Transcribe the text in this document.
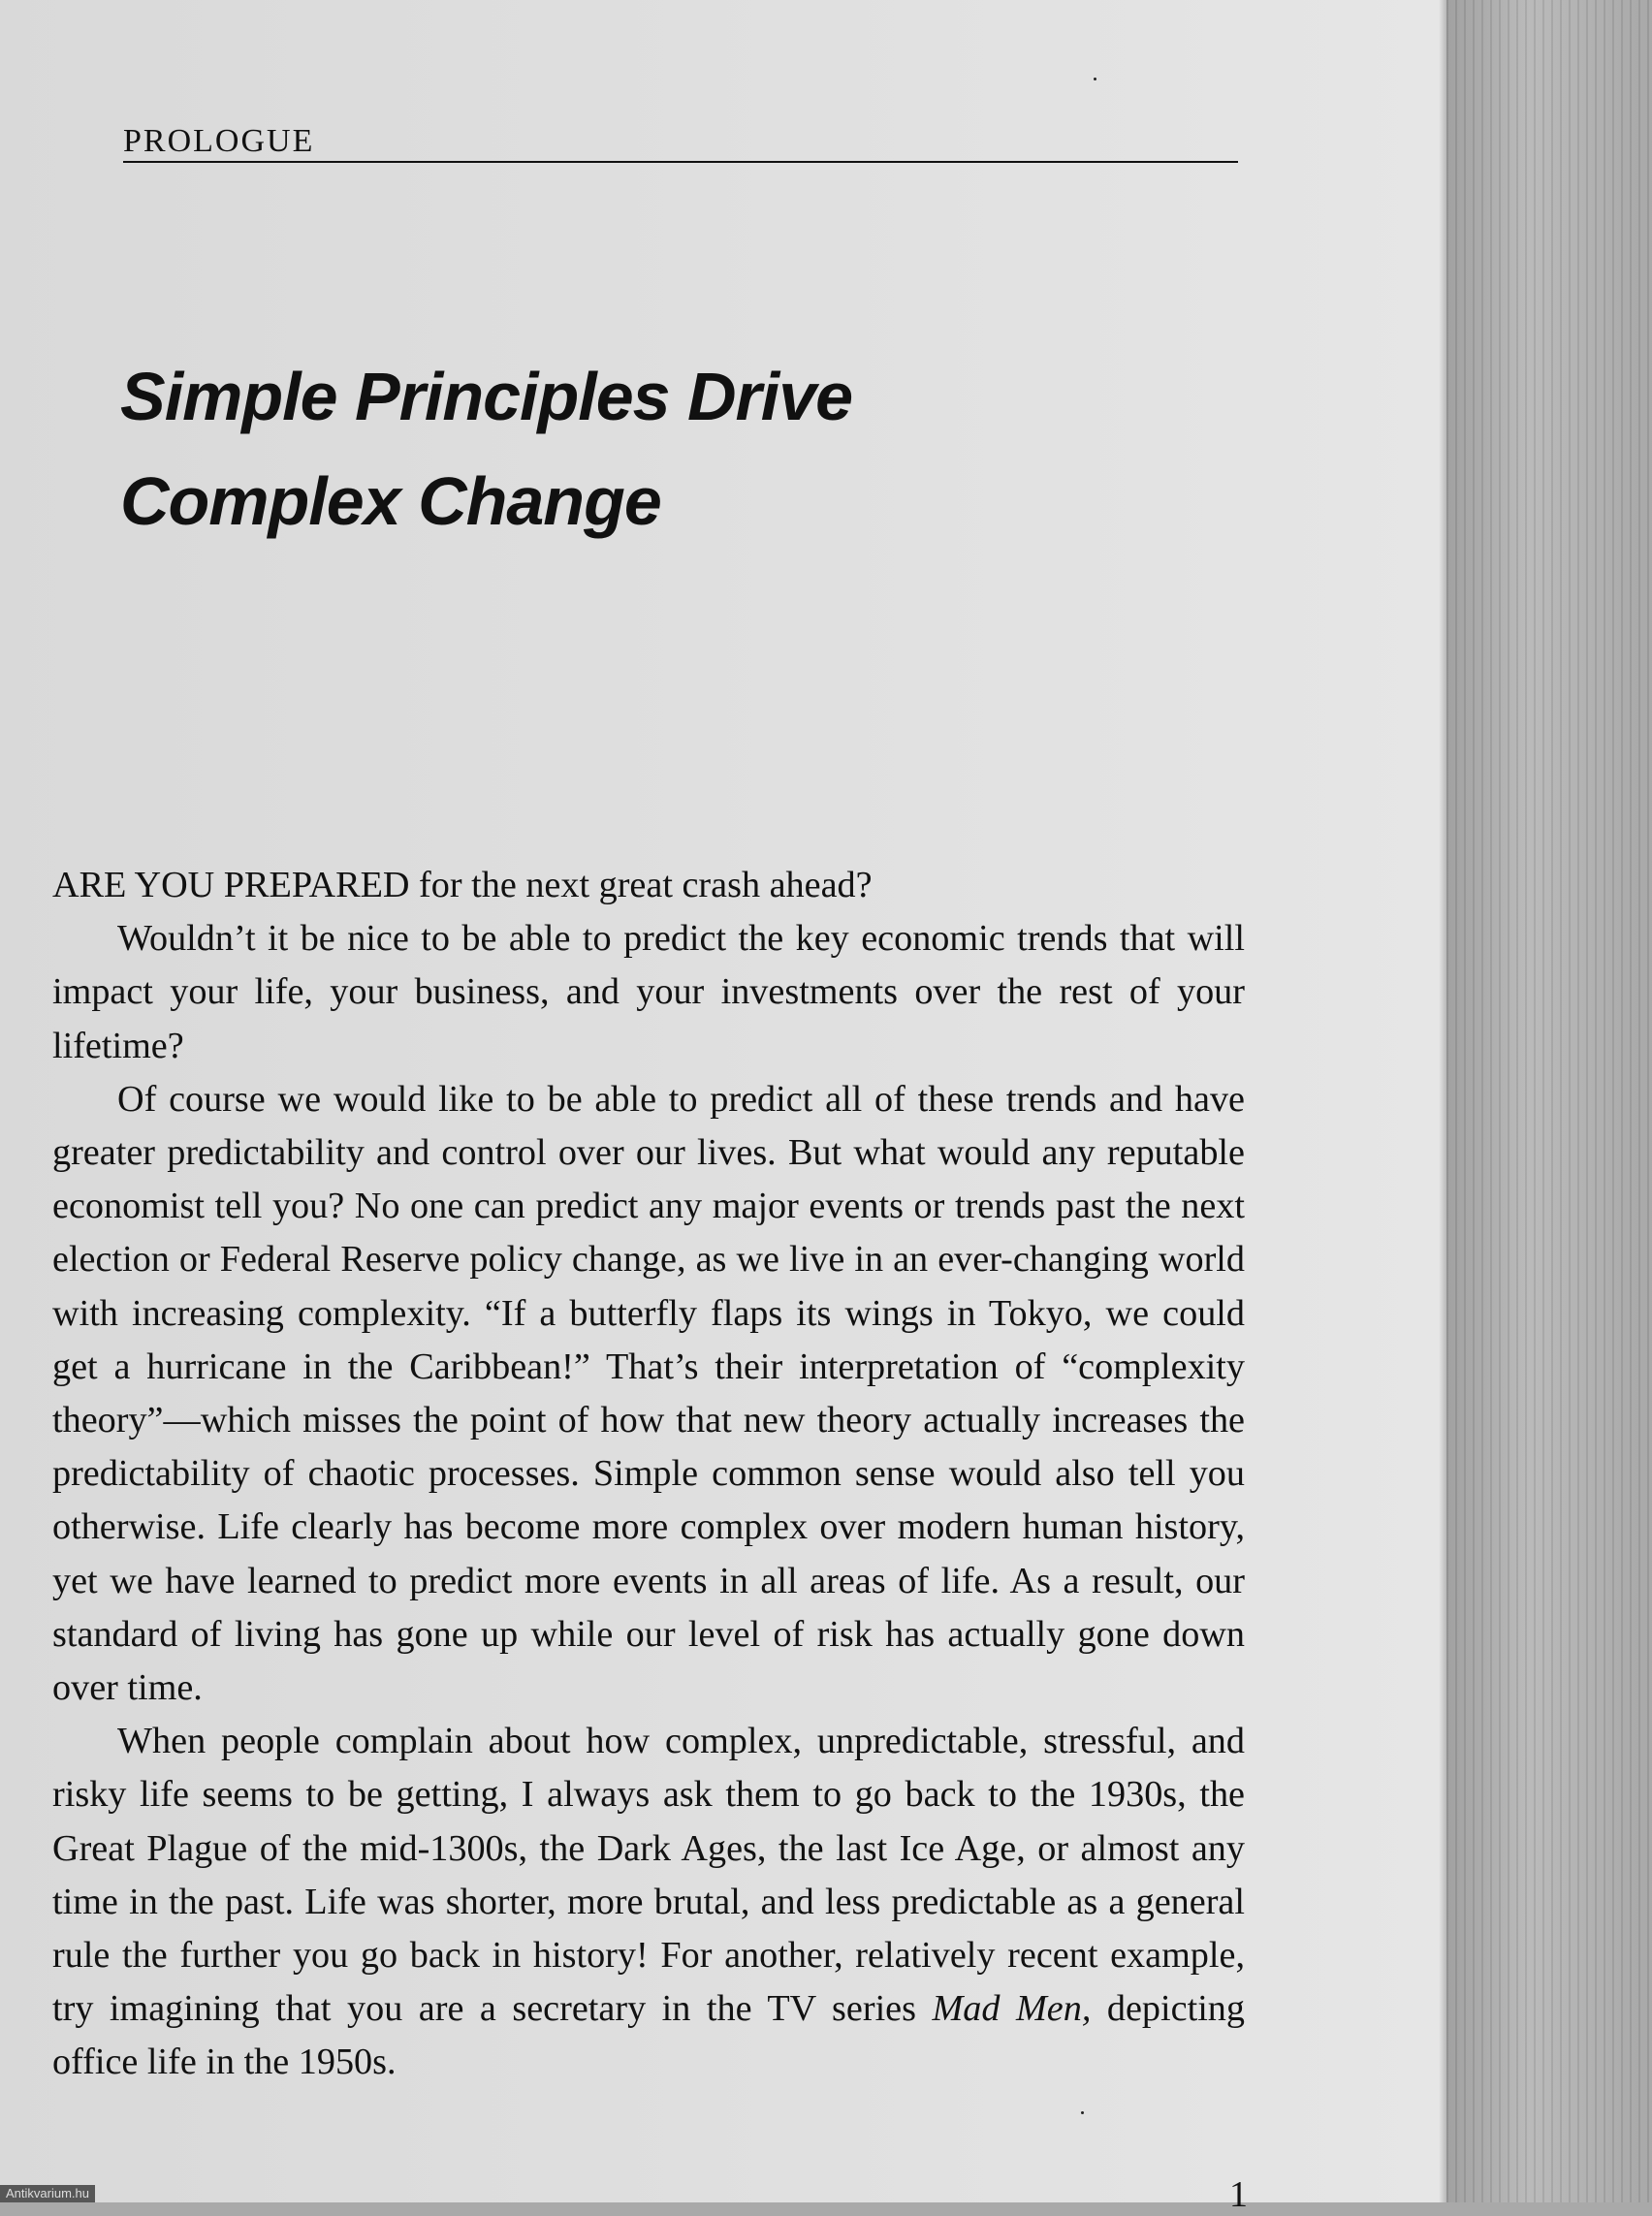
PROLOGUE
Simple Principles Drive
Complex Change

ARE YOU PREPARED for the next great crash ahead?

Wouldn’t it be nice to be able to predict the key economic trends that will impact your life, your business, and your investments over the rest of your lifetime?

Of course we would like to be able to predict all of these trends and have greater predictability and control over our lives. But what would any reputable economist tell you? No one can predict any major events or trends past the next election or Federal Reserve policy change, as we live in an ever-changing world with increasing complexity. “If a butterfly flaps its wings in Tokyo, we could get a hurricane in the Caribbean!” That’s their interpretation of “complexity theory”—which misses the point of how that new theory actually increases the predictability of chaotic processes. Simple common sense would also tell you otherwise. Life clearly has become more complex over modern human history, yet we have learned to predict more events in all areas of life. As a result, our standard of living has gone up while our level of risk has actually gone down over time.

When people complain about how complex, unpredictable, stressful, and risky life seems to be getting, I always ask them to go back to the 1930s, the Great Plague of the mid-1300s, the Dark Ages, the last Ice Age, or almost any time in the past. Life was shorter, more brutal, and less predictable as a general rule the further you go back in history! For another, relatively recent example, try imagining that you are a secretary in the TV series Mad Men, depicting office life in the 1950s.

1
Antikvarium.hu
